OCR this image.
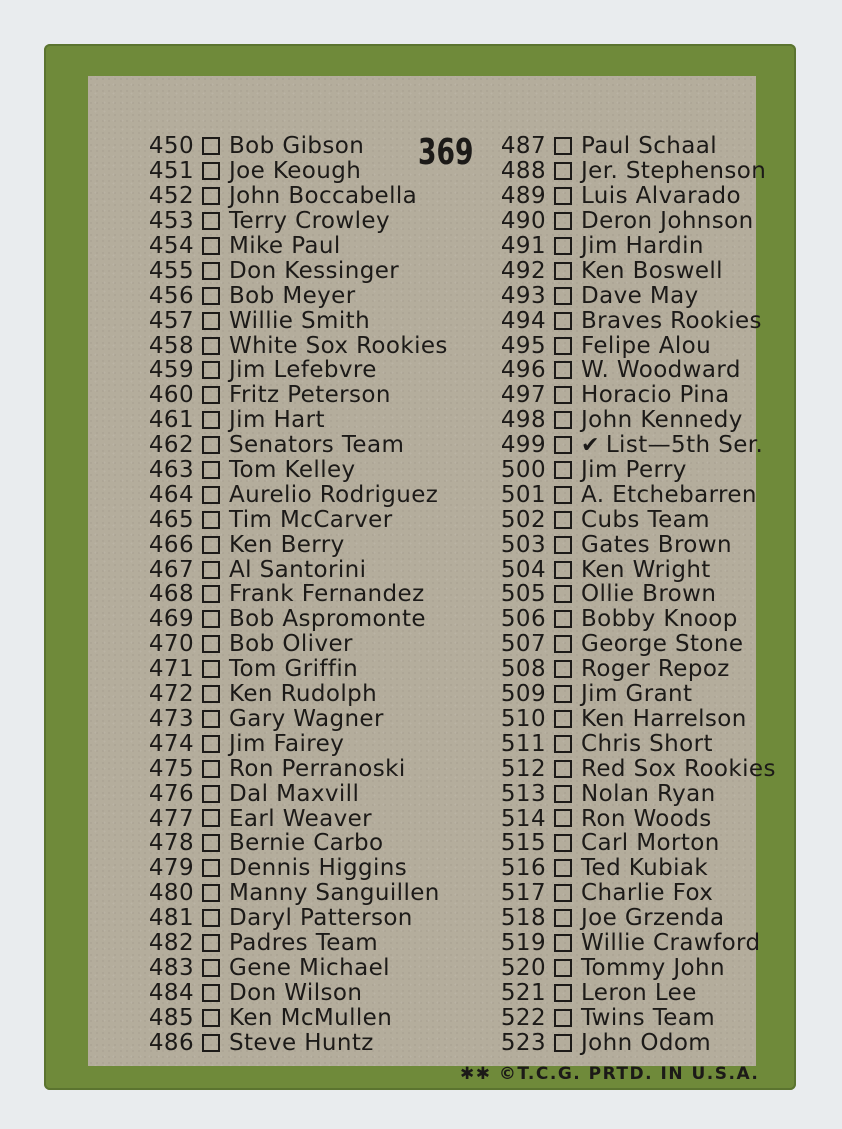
369
450 Bob Gibson
451 Joe Keough
452 John Boccabella
453 Terry Crowley
454 Mike Paul
455 Don Kessinger
456 Bob Meyer
457 Willie Smith
458 White Sox Rookies
459 Jim Lefebvre
460 Fritz Peterson
461 Jim Hart
462 Senators Team
463 Tom Kelley
464 Aurelio Rodriguez
465 Tim McCarver
466 Ken Berry
467 Al Santorini
468 Frank Fernandez
469 Bob Aspromonte
470 Bob Oliver
471 Tom Griffin
472 Ken Rudolph
473 Gary Wagner
474 Jim Fairey
475 Ron Perranoski
476 Dal Maxvill
477 Earl Weaver
478 Bernie Carbo
479 Dennis Higgins
480 Manny Sanguillen
481 Daryl Patterson
482 Padres Team
483 Gene Michael
484 Don Wilson
485 Ken McMullen
486 Steve Huntz
487 Paul Schaal
488 Jer. Stephenson
489 Luis Alvarado
490 Deron Johnson
491 Jim Hardin
492 Ken Boswell
493 Dave May
494 Braves Rookies
495 Felipe Alou
496 W. Woodward
497 Horacio Pina
498 John Kennedy
499 ✔ List—5th Ser.
500 Jim Perry
501 A. Etchebarren
502 Cubs Team
503 Gates Brown
504 Ken Wright
505 Ollie Brown
506 Bobby Knoop
507 George Stone
508 Roger Repoz
509 Jim Grant
510 Ken Harrelson
511 Chris Short
512 Red Sox Rookies
513 Nolan Ryan
514 Ron Woods
515 Carl Morton
516 Ted Kubiak
517 Charlie Fox
518 Joe Grzenda
519 Willie Crawford
520 Tommy John
521 Leron Lee
522 Twins Team
523 John Odom
✱✱ ©T.C.G. PRTD. IN U.S.A.
